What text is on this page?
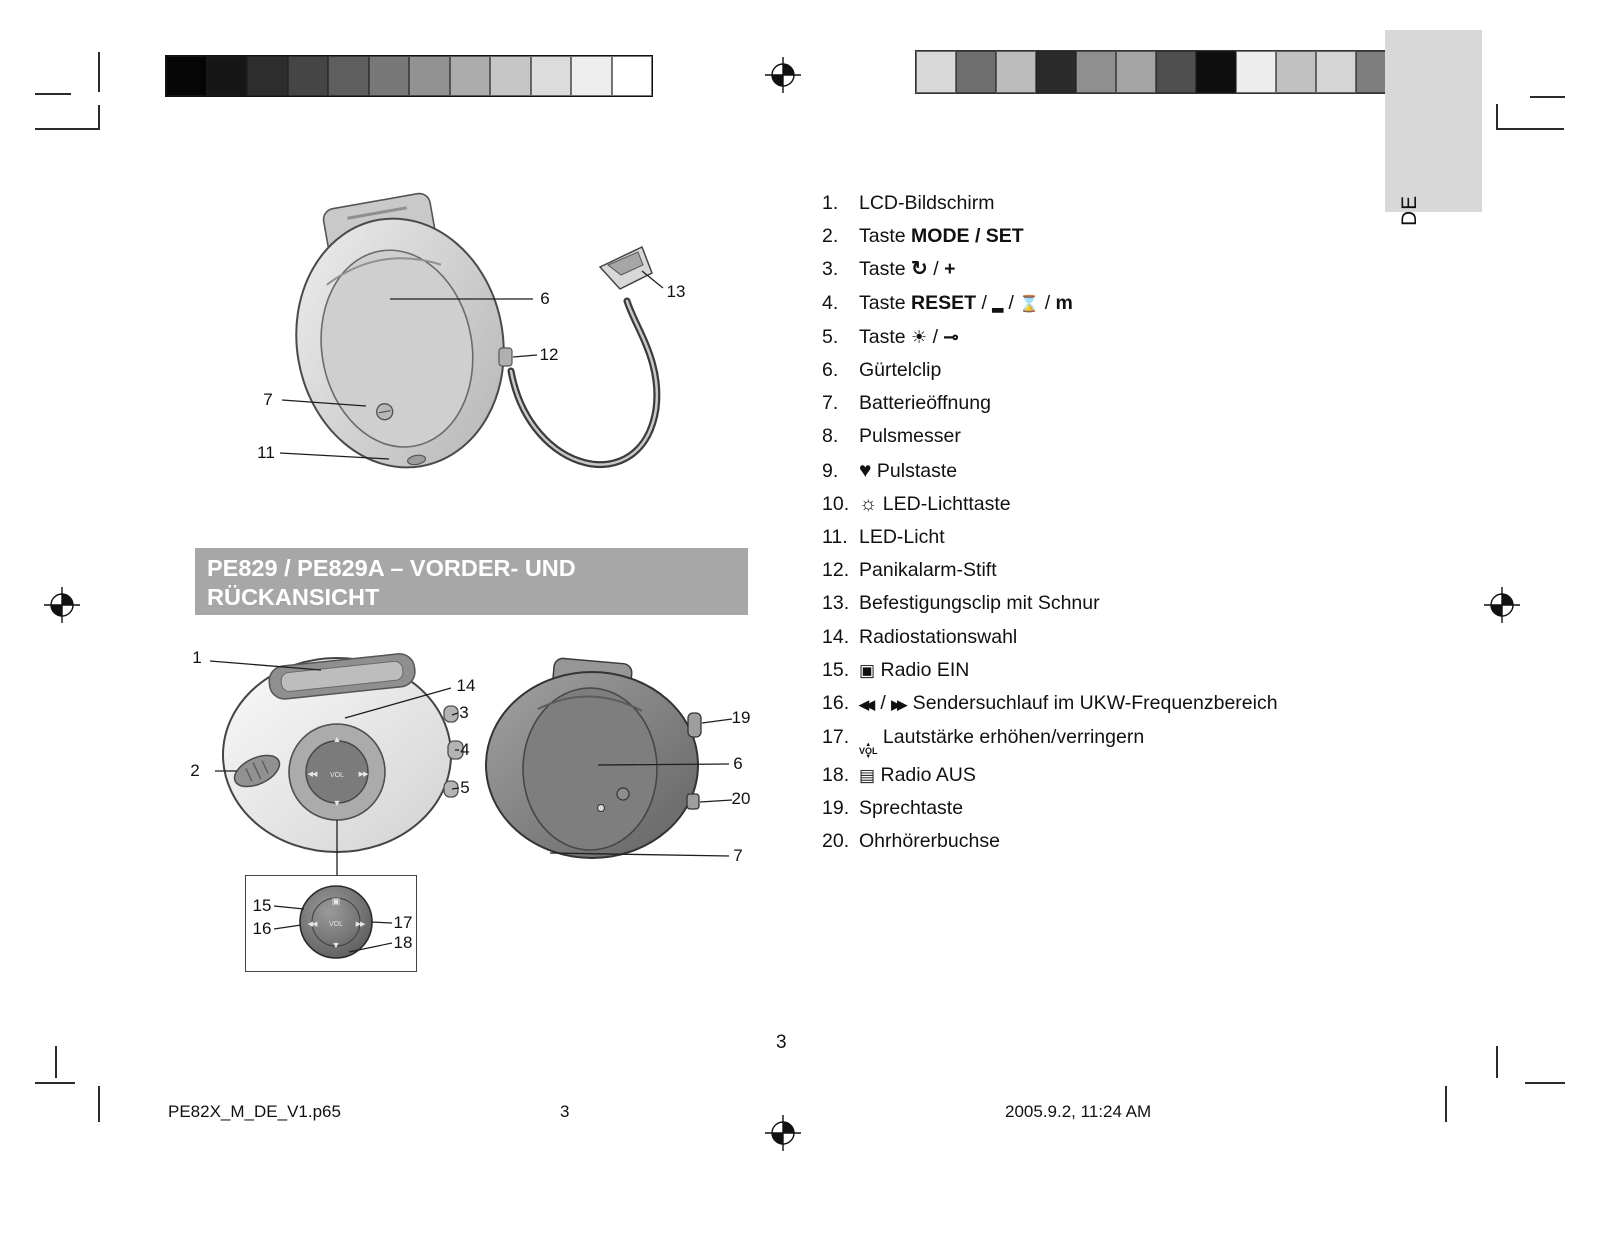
DE
6	13
12
7
11
PE829 / PE829A – VORDER- UND
RÜCKANSICHT
▲
◀◀ VOL ▶▶
▼
1
14
3
2
4
5
▣
◀◀ VOL ▶▶
▼
15
16	17
18
19
6
20
7
1.	LCD-Bildschirm
2.	Taste MODE / SET
3.	Taste ↻ / +
4.	Taste RESET / ▂ / ⌛ / m
5.	Taste ☀ / ⊸
6.	Gürtelclip
7.	Batterieöffnung
8.	Pulsmesser
9. ♥ Pulstaste
10. ☼ LED-Lichttaste
11. LED-Licht
12. Panikalarm-Stift
13. Befestigungsclip mit Schnur
14. Radiostationswahl
15. ▣ Radio EIN
16. ◀◀ / ▶▶ Sendersuchlauf im UKW-Frequenzbereich
17.
▲ VOL ▼ Lautstärke erhöhen/verringern
18. ▤ Radio AUS
19. Sprechtaste
20. Ohrhörerbuchse
3
PE82X_M_DE_V1.p65	3	2005.9.2, 11:24 AM
